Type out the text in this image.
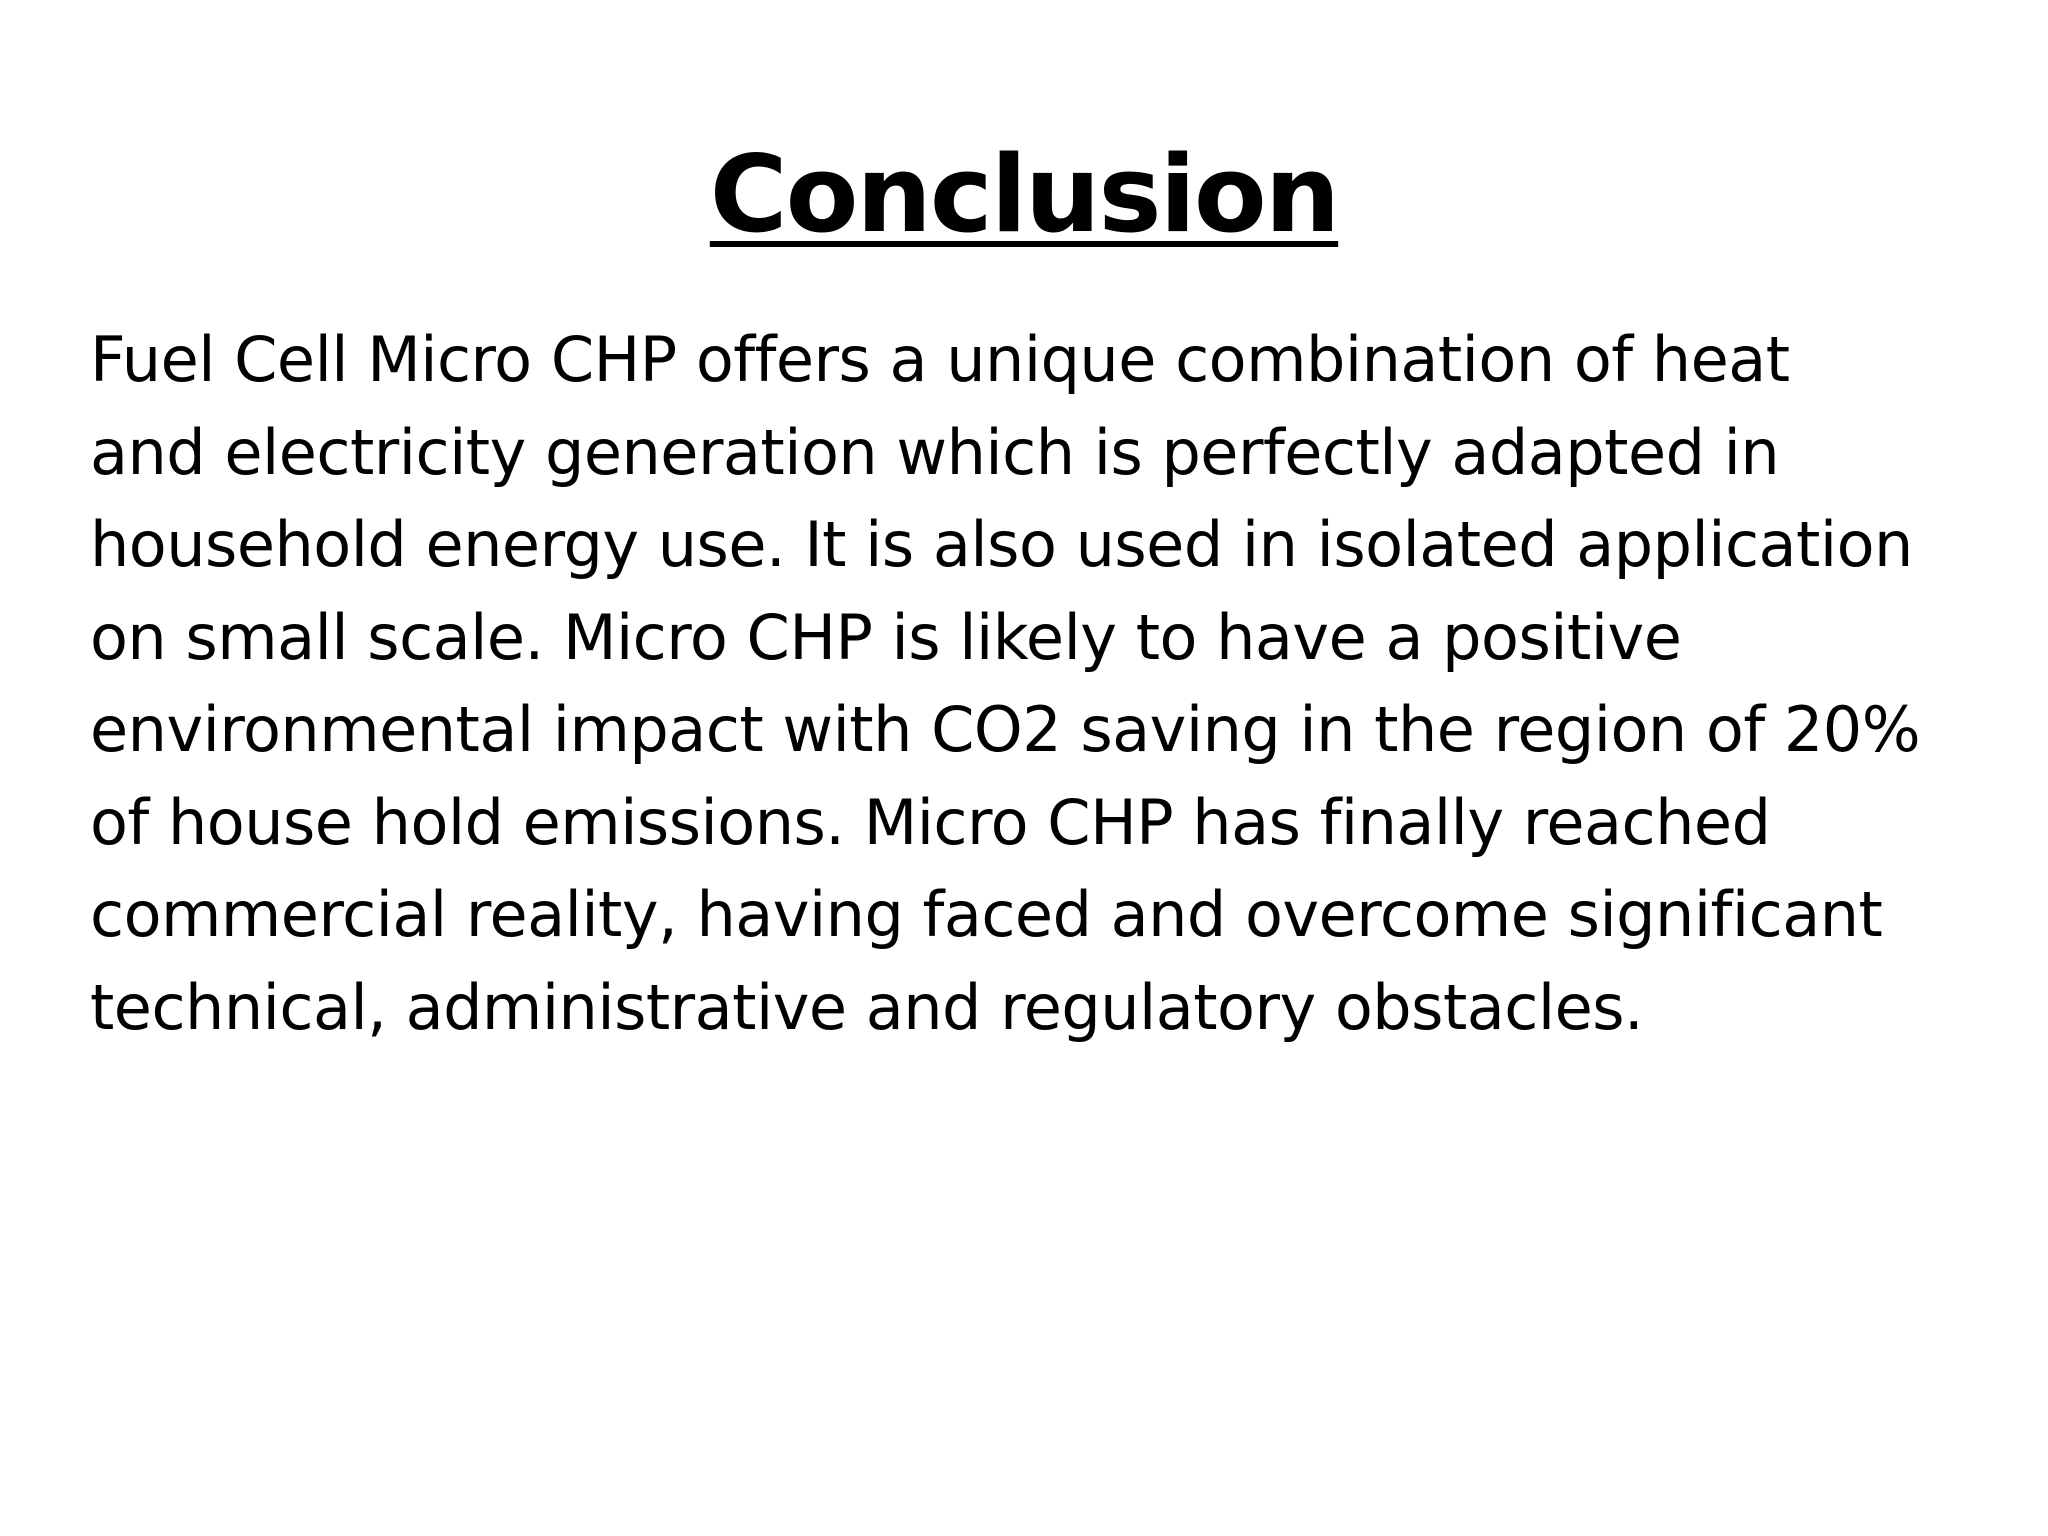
Conclusion
Fuel Cell Micro CHP offers a unique combination of heat
and electricity generation which is perfectly adapted in
household energy use. It is also used in isolated application
on small scale. Micro CHP is likely to have a positive
environmental impact with CO2 saving in the region of 20%
of house hold emissions. Micro CHP has finally reached
commercial reality, having faced and overcome significant
technical, administrative and regulatory obstacles.
